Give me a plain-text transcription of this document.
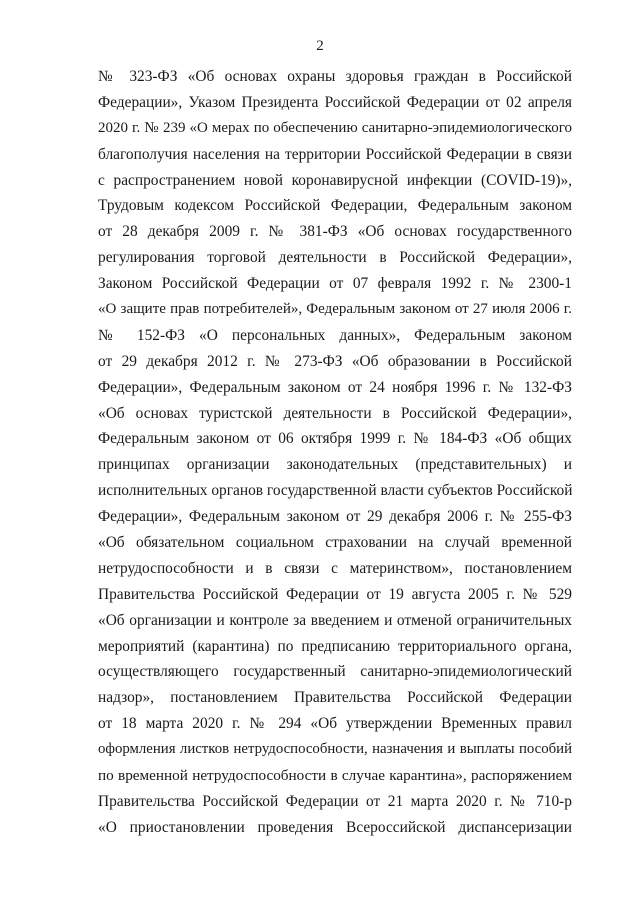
2
№ 323-ФЗ «Об основах охраны здоровья граждан в Российской
Федерации», Указом Президента Российской Федерации от 02 апреля
2020 г. № 239 «О мерах по обеспечению санитарно-эпидемиологического
благополучия населения на территории Российской Федерации в связи
с распространением новой коронавирусной инфекции (COVID-19)»,
Трудовым кодексом Российской Федерации, Федеральным законом
от 28 декабря 2009 г. № 381-ФЗ «Об основах государственного
регулирования торговой деятельности в Российской Федерации»,
Законом Российской Федерации от 07 февраля 1992 г. № 2300-1
«О защите прав потребителей», Федеральным законом от 27 июля 2006 г.
№ 152-ФЗ «О персональных данных», Федеральным законом
от 29 декабря 2012 г. № 273-ФЗ «Об образовании в Российской
Федерации», Федеральным законом от 24 ноября 1996 г. № 132-ФЗ
«Об основах туристской деятельности в Российской Федерации»,
Федеральным законом от 06 октября 1999 г. № 184-ФЗ «Об общих
принципах организации законодательных (представительных) и
исполнительных органов государственной власти субъектов Российской
Федерации», Федеральным законом от 29 декабря 2006 г. № 255-ФЗ
«Об обязательном социальном страховании на случай временной
нетрудоспособности и в связи с материнством», постановлением
Правительства Российской Федерации от 19 августа 2005 г. № 529
«Об организации и контроле за введением и отменой ограничительных
мероприятий (карантина) по предписанию территориального органа,
осуществляющего государственный санитарно-эпидемиологический
надзор», постановлением Правительства Российской Федерации
от 18 марта 2020 г. № 294 «Об утверждении Временных правил
оформления листков нетрудоспособности, назначения и выплаты пособий
по временной нетрудоспособности в случае карантина», распоряжением
Правительства Российской Федерации от 21 марта 2020 г. № 710-р
«О приостановлении проведения Всероссийской диспансеризации
